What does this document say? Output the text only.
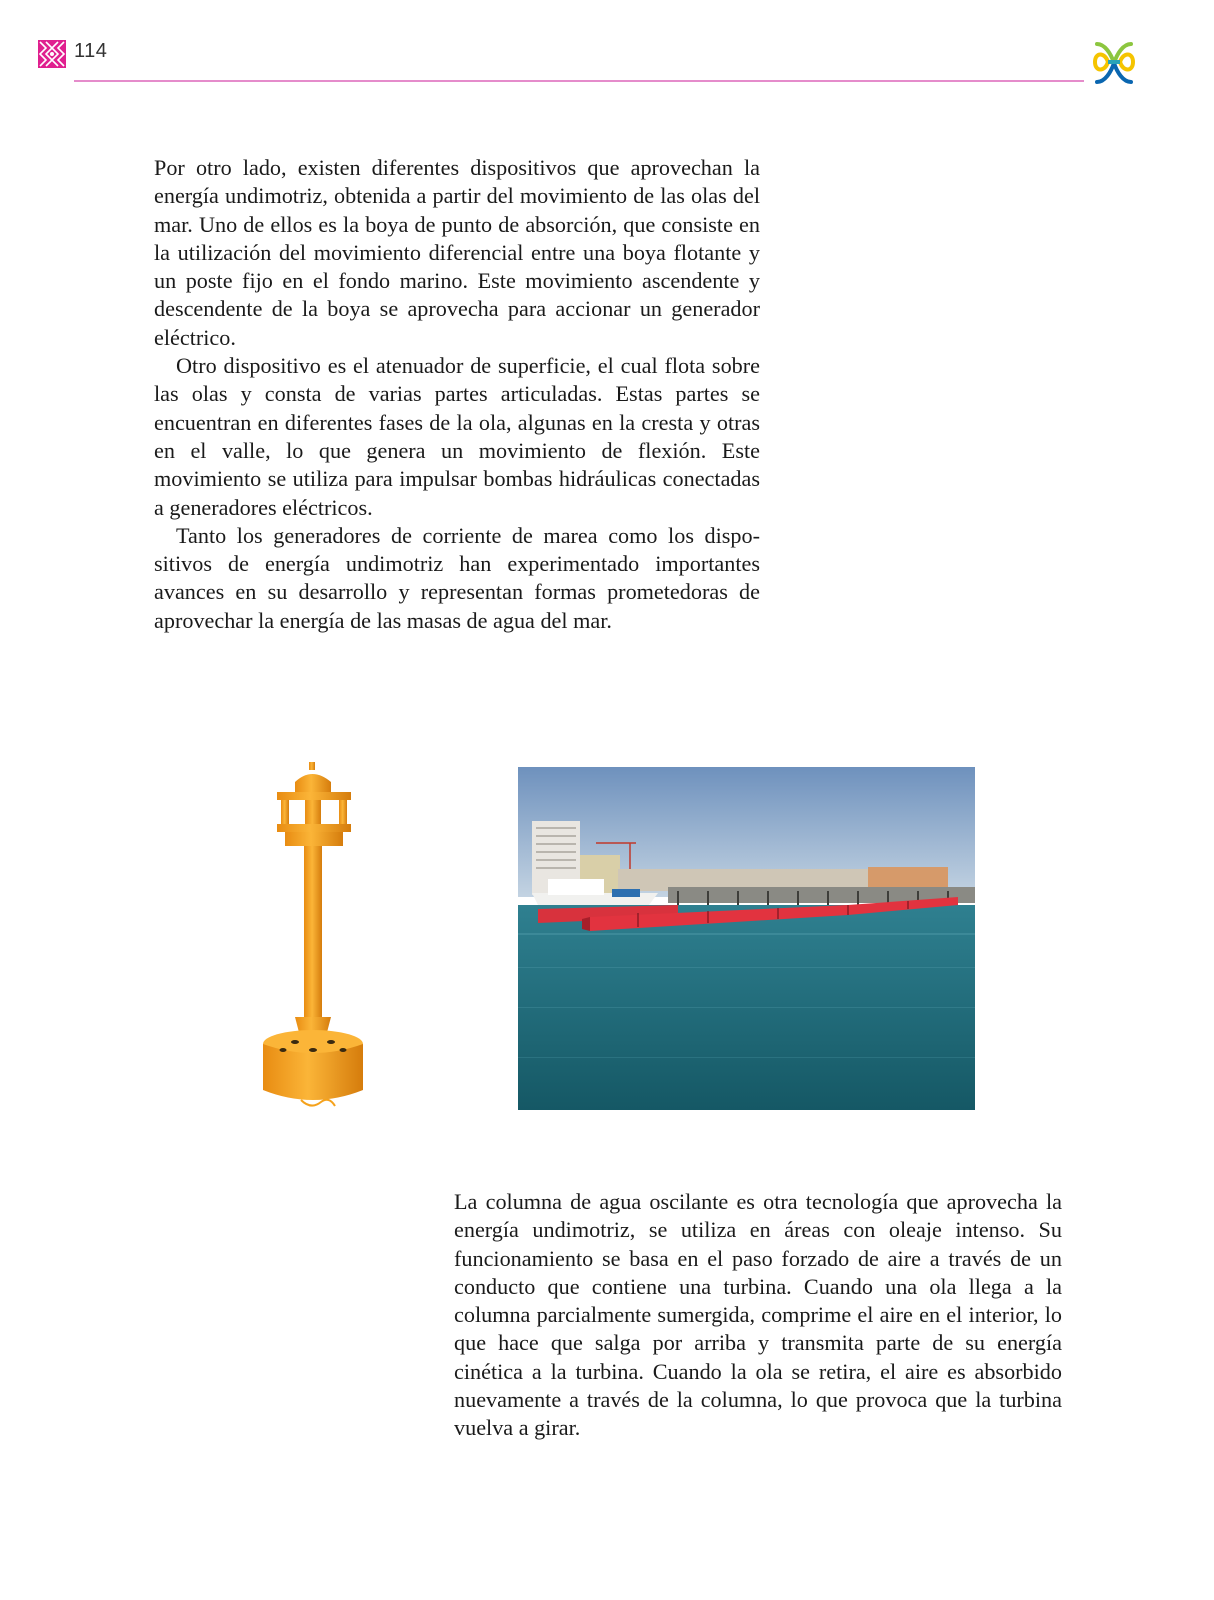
114

Por otro lado, existen diferentes dispositivos que aprovechan la energía undimotriz, obtenida a partir del movimiento de las olas del mar. Uno de ellos es la boya de punto de absorción, que consiste en la utilización del movimiento diferencial entre una boya flotante y un poste fijo en el fondo marino. Este movimiento ascendente y descendente de la boya se aprovecha para accionar un generador eléctrico.

Otro dispositivo es el atenuador de superficie, el cual flota sobre las olas y consta de varias partes articuladas. Estas partes se encuentran en diferentes fases de la ola, algunas en la cresta y otras en el valle, lo que genera un movimiento de flexión. Este movimiento se utiliza para impulsar bombas hidráulicas conectadas a generadores eléctricos.

Tanto los generadores de corriente de marea como los dispositivos de energía undimotriz han experimentado importantes avances en su desarrollo y representan formas prometedoras de aprovechar la energía de las masas de agua del mar.

La columna de agua oscilante es otra tecnología que aprovecha la energía undimotriz, se utiliza en áreas con oleaje intenso. Su funcionamiento se basa en el paso forzado de aire a través de un conducto que contiene una turbina. Cuando una ola llega a la columna parcialmente sumergida, comprime el aire en el interior, lo que hace que salga por arriba y transmita parte de su energía cinética a la turbina. Cuando la ola se retira, el aire es absorbido nuevamente a través de la columna, lo que provoca que la turbina vuelva a girar.
